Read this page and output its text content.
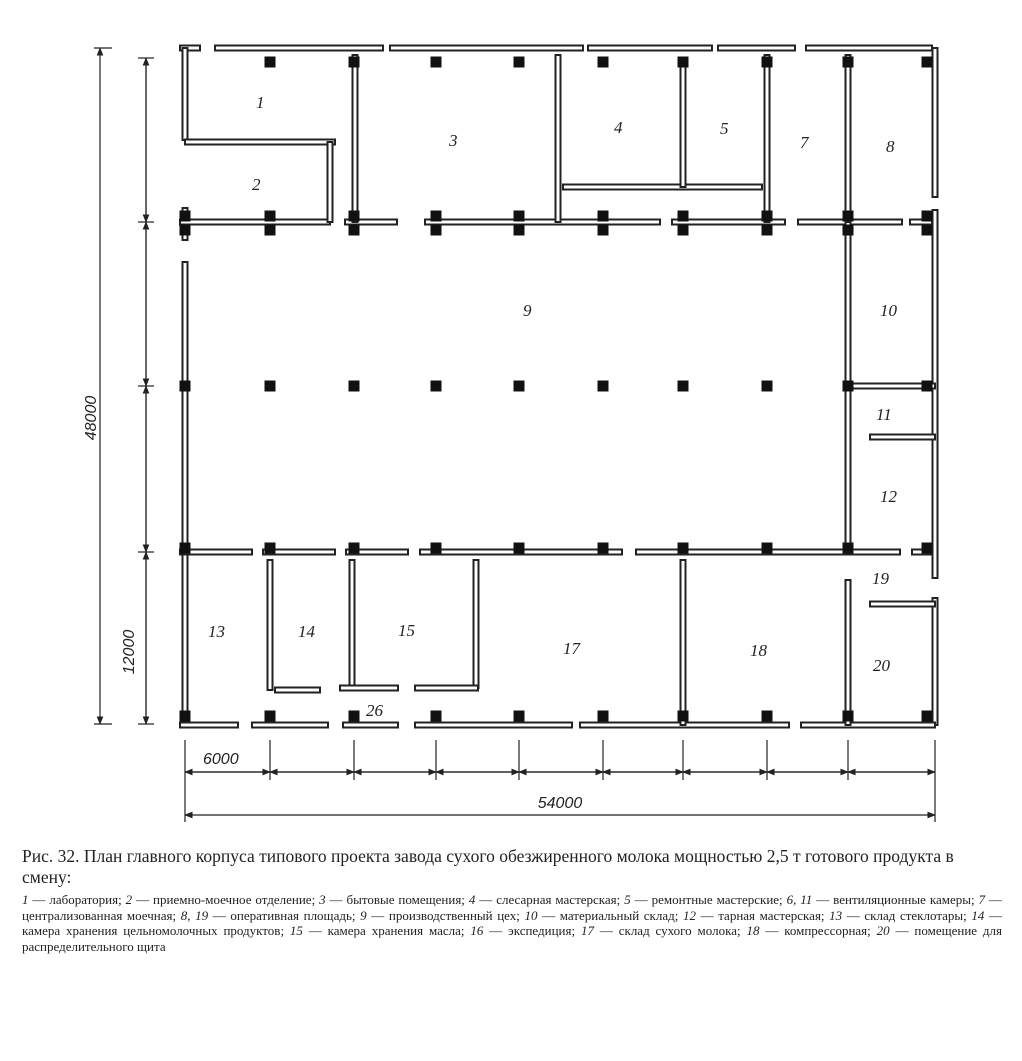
1
2
3
4	5
7	8
9	10
11
12
13	14	15
17	18
19
20
26
48000
12000
6000
54000

Рис. 32. План главного корпуса типового проекта завода сухого обезжиренного молока мощностью 2,5 т готового продукта в смену:

1 — лаборатория; 2 — приемно-моечное отделение; 3 — бытовые помещения; 4 — слесарная мастерская; 5 — ремонтные мастерские; 6, 11 — вентиляционные камеры; 7 — централизованная моечная; 8, 19 — оперативная площадь; 9 — производственный цех; 10 — материальный склад; 12 — тарная мастерская; 13 — склад стеклотары; 14 — камера хранения цельномолочных продуктов; 15 — камера хранения масла; 16 — экспедиция; 17 — склад сухого молока; 18 — компрессорная; 20 — помещение для распределительного щита
